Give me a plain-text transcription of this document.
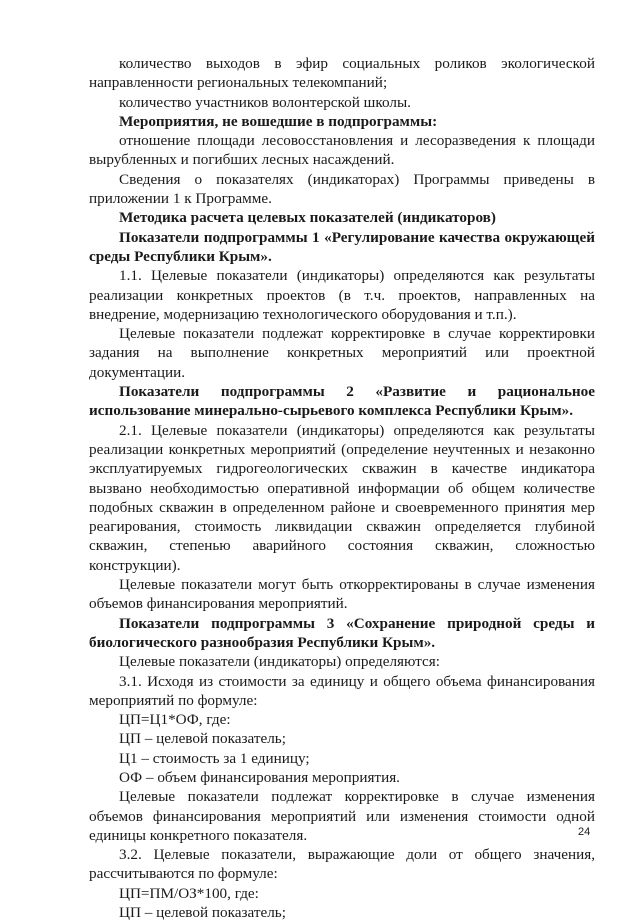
количество выходов в эфир социальных роликов экологической направленности региональных телекомпаний;

количество участников волонтерской школы.

Мероприятия, не вошедшие в подпрограммы:

отношение площади лесовосстановления и лесоразведения к площади вырубленных и погибших лесных насаждений.

Сведения о показателях (индикаторах) Программы приведены в приложении 1 к Программе.

Методика расчета целевых показателей (индикаторов)

Показатели подпрограммы 1 «Регулирование качества окружающей среды Республики Крым».

1.1. Целевые показатели (индикаторы) определяются как результаты реализации конкретных проектов (в т.ч. проектов, направленных на внедрение, модернизацию технологического оборудования и т.п.).

Целевые показатели подлежат корректировке в случае корректировки задания на выполнение конкретных мероприятий или проектной документации.

Показатели подпрограммы 2 «Развитие и рациональное использование минерально-сырьевого комплекса Республики Крым».

2.1. Целевые показатели (индикаторы) определяются как результаты реализации конкретных мероприятий (определение неучтенных и незаконно эксплуатируемых гидрогеологических скважин в качестве индикатора вызвано необходимостью оперативной информации об общем количестве подобных скважин в определенном районе и своевременного принятия мер реагирования, стоимость ликвидации скважин определяется глубиной скважин, степенью аварийного состояния скважин, сложностью конструкции).

Целевые показатели могут быть откорректированы в случае изменения объемов финансирования мероприятий.

Показатели подпрограммы 3 «Сохранение природной среды и биологического разнообразия Республики Крым».

Целевые показатели (индикаторы) определяются:

3.1. Исходя из стоимости за единицу и общего объема финансирования мероприятий по формуле:

ЦП=Ц1*ОФ, где:

ЦП – целевой показатель;

Ц1 – стоимость за 1 единицу;

ОФ – объем финансирования мероприятия.

Целевые показатели подлежат корректировке в случае изменения объемов финансирования мероприятий или изменения стоимости одной единицы конкретного показателя.

3.2. Целевые показатели, выражающие доли от общего значения, рассчитываются по формуле:

ЦП=ПМ/ОЗ*100, где:

ЦП – целевой показатель;

24
